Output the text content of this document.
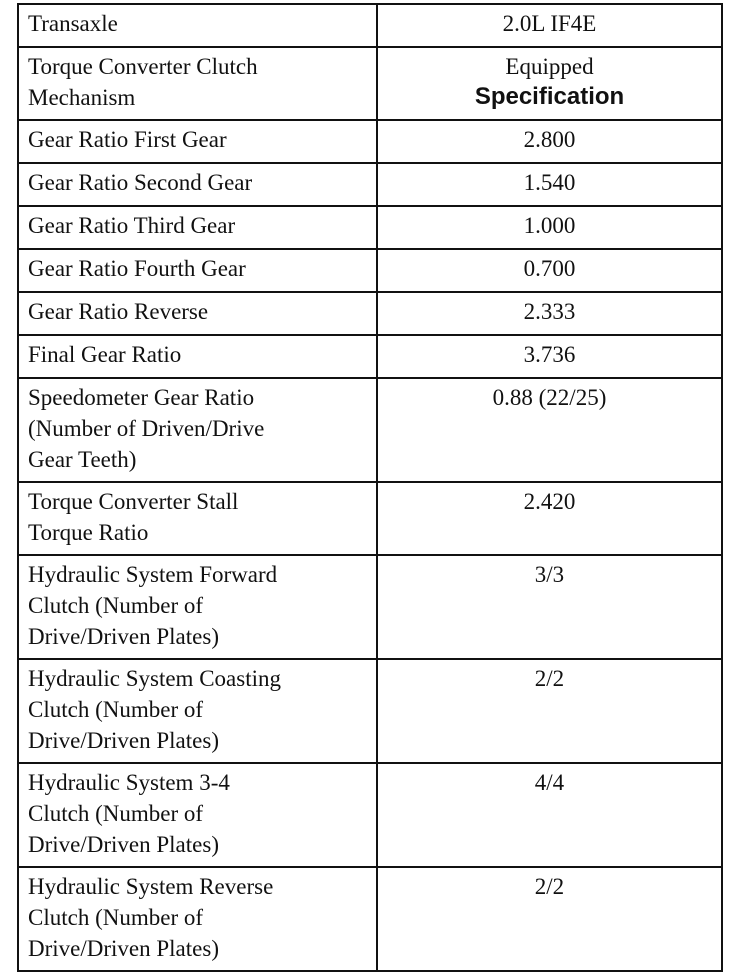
Transaxle	2.0L IF4E

Torque Converter Clutch
Mechanism	Equipped
Specification

Gear Ratio First Gear	2.800

Gear Ratio Second Gear	1.540

Gear Ratio Third Gear	1.000

Gear Ratio Fourth Gear	0.700

Gear Ratio Reverse	2.333

Final Gear Ratio	3.736

Speedometer Gear Ratio
(Number of Driven/Drive
Gear Teeth)	0.88 (22/25)

Torque Converter Stall
Torque Ratio	2.420

Hydraulic System Forward
Clutch (Number of
Drive/Driven Plates)	3/3

Hydraulic System Coasting
Clutch (Number of
Drive/Driven Plates)	2/2

Hydraulic System 3-4
Clutch (Number of
Drive/Driven Plates)	4/4

Hydraulic System Reverse
Clutch (Number of
Drive/Driven Plates)	2/2
